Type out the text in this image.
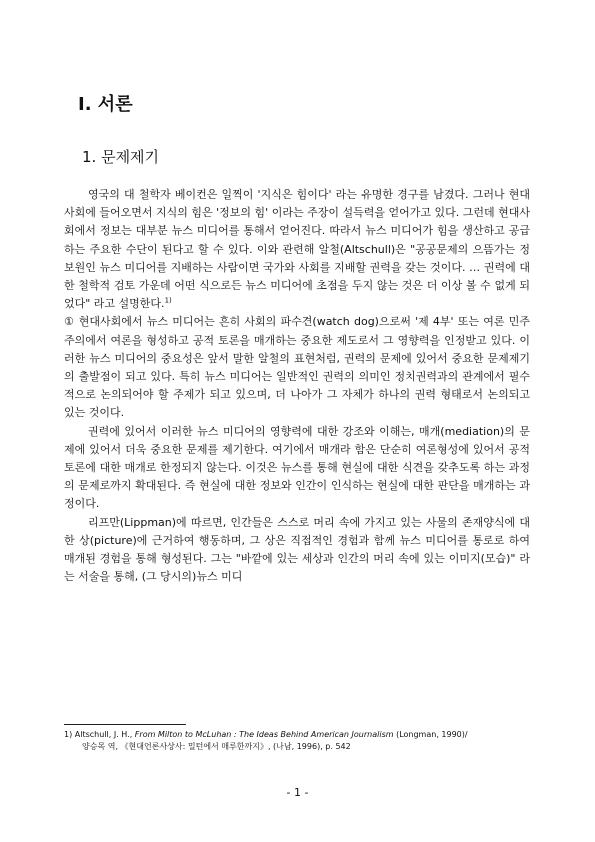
Ⅰ. 서론
1. 문제제기

영국의 대 철학자 베이컨은 일찍이 '지식은 힘이다' 라는 유명한 경구를 남겼다. 그러나 현대사회에 들어오면서 지식의 힘은 '정보의 힘' 이라는 주장이 설득력을 얻어가고 있다. 그런데 현대사회에서 정보는 대부분 뉴스 미디어를 통해서 얻어진다. 따라서 뉴스 미디어가 힘을 생산하고 공급하는 주요한 수단이 된다고 할 수 있다. 이와 관련해 알철(Altschull)은 "공공문제의 으뜸가는 정보원인 뉴스 미디어를 지배하는 사람이면 국가와 사회를 지배할 권력을 갖는 것이다. … 권력에 대한 철학적 검토 가운데 어떤 식으로든 뉴스 미디어에 초점을 두지 않는 것은 더 이상 볼 수 없게 되었다" 라고 설명한다.$^{1)}$

① 현대사회에서 뉴스 미디어는 흔히 사회의 파수견(watch dog)으로써 '제 4부' 또는 여론 민주주의에서 여론을 형성하고 공적 토론을 매개하는 중요한 제도로서 그 영향력을 인정받고 있다. 이러한 뉴스 미디어의 중요성은 앞서 말한 알철의 표현처럼, 권력의 문제에 있어서 중요한 문제제기의 출발점이 되고 있다. 특히 뉴스 미디어는 일반적인 권력의 의미인 정치권력과의 관계에서 필수적으로 논의되어야 할 주제가 되고 있으며, 더 나아가 그 자체가 하나의 권력 형태로서 논의되고 있는 것이다.

권력에 있어서 이러한 뉴스 미디어의 영향력에 대한 강조와 이해는, 매개(mediation)의 문제에 있어서 더욱 중요한 문제를 제기한다. 여기에서 매개라 함은 단순히 여론형성에 있어서 공적 토론에 대한 매개로 한정되지 않는다. 이것은 뉴스를 통해 현실에 대한 식견을 갖추도록 하는 과정의 문제로까지 확대된다. 즉 현실에 대한 정보와 인간이 인식하는 현실에 대한 판단을 매개하는 과정이다.

리프만(Lippman)에 따르면, 인간들은 스스로 머리 속에 가지고 있는 사물의 존재양식에 대한 상(picture)에 근거하여 행동하며, 그 상은 직접적인 경험과 함께 뉴스 미디어를 통로로 하여 매개된 경험을 통해 형성된다. 그는 "바깥에 있는 세상과 인간의 머리 속에 있는 이미지(모습)" 라는 서술을 통해, (그 당시의)뉴스 미디

1) Altschull, J. H., From Milton to McLuhan : The Ideas Behind American Journalism (Longman, 1990)/
양승목 역, 《현대언론사상사: 밀턴에서 매루한까지》, (나남, 1996), p. 542
- 1 -
